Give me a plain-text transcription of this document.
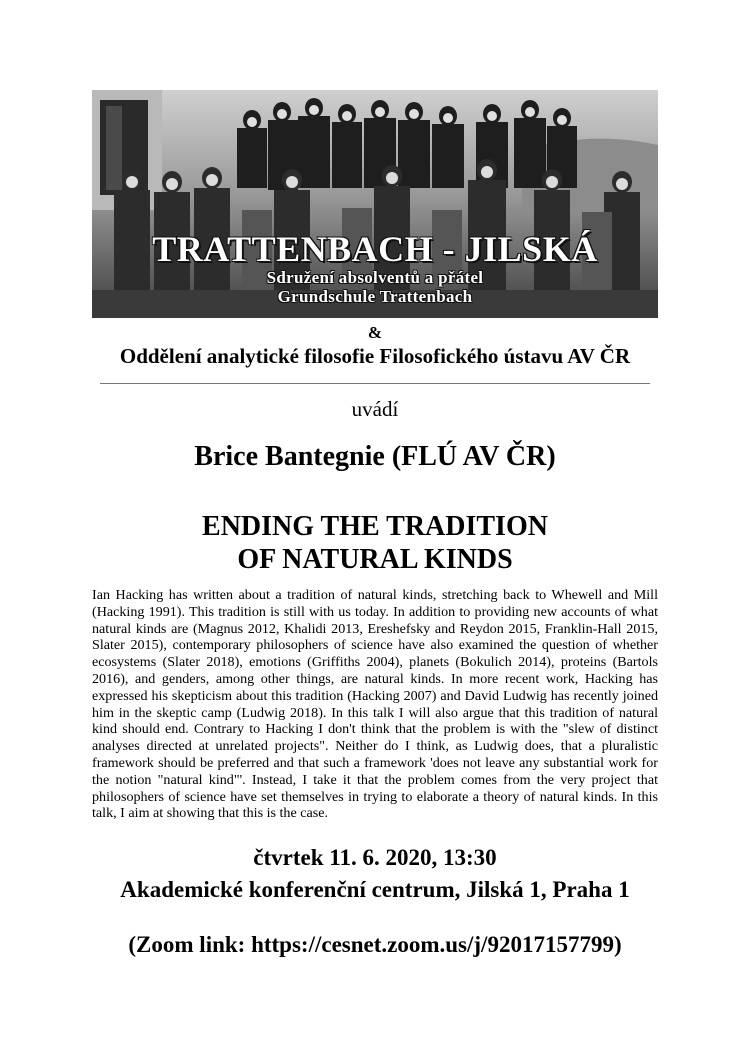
TRATTENBACH - JILSKÁ
Sdružení absolventů a přátel
Grundschule Trattenbach
&
Oddělení analytické filosofie Filosofického ústavu AV ČR
uvádí
Brice Bantegnie (FLÚ AV ČR)
ENDING THE TRADITION
OF NATURAL KINDS
Ian Hacking has written about a tradition of natural kinds, stretching back to Whewell and Mill (Hacking 1991). This tradition is still with us today. In addition to providing new accounts of what natural kinds are (Magnus 2012, Khalidi 2013, Ereshefsky and Reydon 2015, Franklin-Hall 2015, Slater 2015), contemporary philosophers of science have also examined the question of whether ecosystems (Slater 2018), emotions (Griffiths 2004), planets (Bokulich 2014), proteins (Bartols 2016), and genders, among other things, are natural kinds. In more recent work, Hacking has expressed his skepticism about this tradition (Hacking 2007) and David Ludwig has recently joined him in the skeptic camp (Ludwig 2018). In this talk I will also argue that this tradition of natural kind should end. Contrary to Hacking I don't think that the problem is with the "slew of distinct analyses directed at unrelated projects". Neither do I think, as Ludwig does, that a pluralistic framework should be preferred and that such a framework 'does not leave any substantial work for the notion "natural kind"'. Instead, I take it that the problem comes from the very project that philosophers of science have set themselves in trying to elaborate a theory of natural kinds. In this talk, I aim at showing that this is the case.
čtvrtek 11. 6. 2020, 13:30
Akademické konferenční centrum, Jilská 1, Praha 1
(Zoom link: https://cesnet.zoom.us/j/92017157799)
